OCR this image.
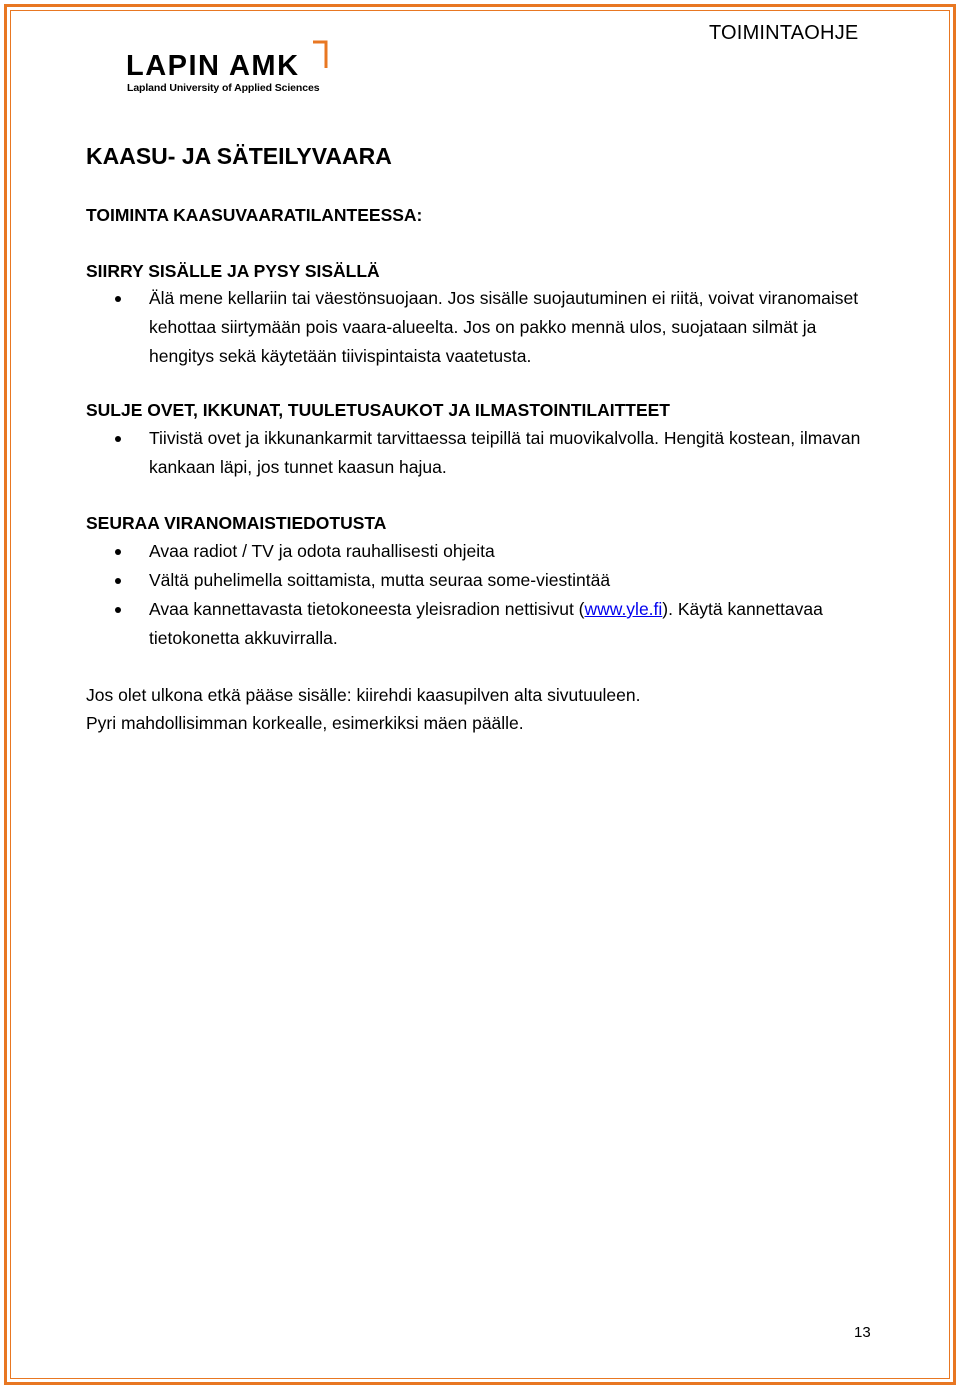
TOIMINTAOHJE
LAPIN AMK
Lapland University of Applied Sciences
KAASU- JA SÄTEILYVAARA
TOIMINTA KAASUVAARATILANTEESSA:
SIIRRY SISÄLLE JA PYSY SISÄLLÄ
Älä mene kellariin tai väestönsuojaan. Jos sisälle suojautuminen ei riitä, voivat viranomaiset kehottaa siirtymään pois vaara-alueelta. Jos on pakko mennä ulos, suojataan silmät ja hengitys sekä käytetään tiivispintaista vaatetusta.
SULJE OVET, IKKUNAT, TUULETUSAUKOT JA ILMASTOINTILAITTEET
Tiivistä ovet ja ikkunankarmit tarvittaessa teipillä tai muovikalvolla. Hengitä kostean, ilmavan kankaan läpi, jos tunnet kaasun hajua.
SEURAA VIRANOMAISTIEDOTUSTA
Avaa radiot / TV ja odota rauhallisesti ohjeita
Vältä puhelimella soittamista, mutta seuraa some-viestintää
Avaa kannettavasta tietokoneesta yleisradion nettisivut (www.yle.fi). Käytä kannettavaa tietokonetta akkuvirralla.
Jos olet ulkona etkä pääse sisälle: kiirehdi kaasupilven alta sivutuuleen.
Pyri mahdollisimman korkealle, esimerkiksi mäen päälle.
13
